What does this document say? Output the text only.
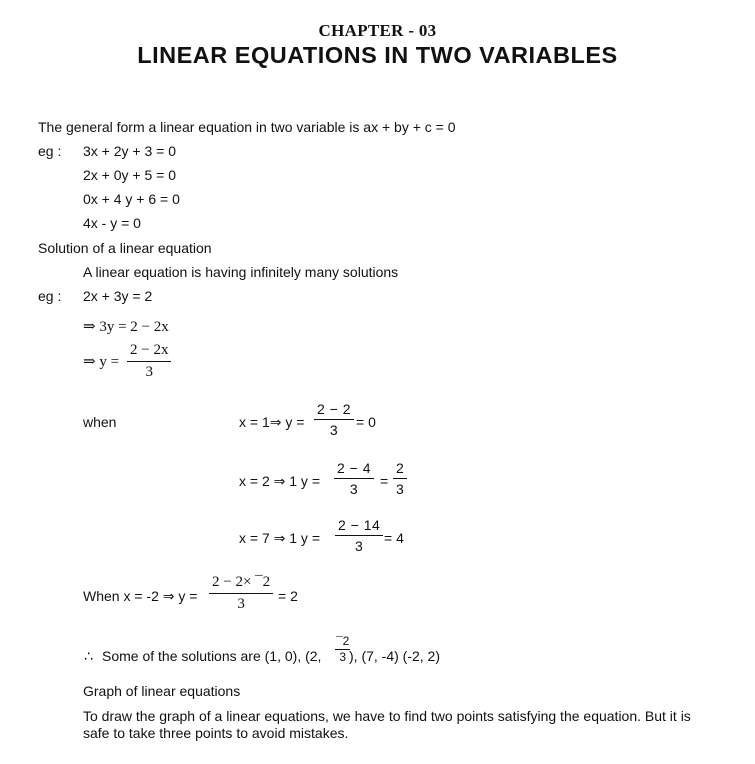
CHAPTER - 03
LINEAR EQUATIONS IN TWO VARIABLES
The general form a linear equation in two variable is ax + by + c = 0
eg : 3x + 2y + 3 = 0
2x + 0y + 5 = 0
0x + 4 y + 6 = 0
4x - y = 0
Solution of a linear equation
A linear equation is having infinitely many solutions
eg : 2x + 3y = 2
⇒ 3y = 2 − 2x
⇒ y =
2 − 2x
3
when	x = 1⇒ y =
2 − 2
3 = 0
x = 2 ⇒ 1 y =
2 − 4
3 =
2
3
x = 7 ⇒ 1 y =
2 − 14
3 = 4
When x = -2 ⇒ y =
2 − 2× ¯2
3 = 2
∴ Some of the solutions are (1, 0), (2,
¯2
3 ), (7, -4) (-2, 2)
Graph of linear equations
To draw the graph of a linear equations, we have to find two points satisfying the equation. But it is
safe to take three points to avoid mistakes.
